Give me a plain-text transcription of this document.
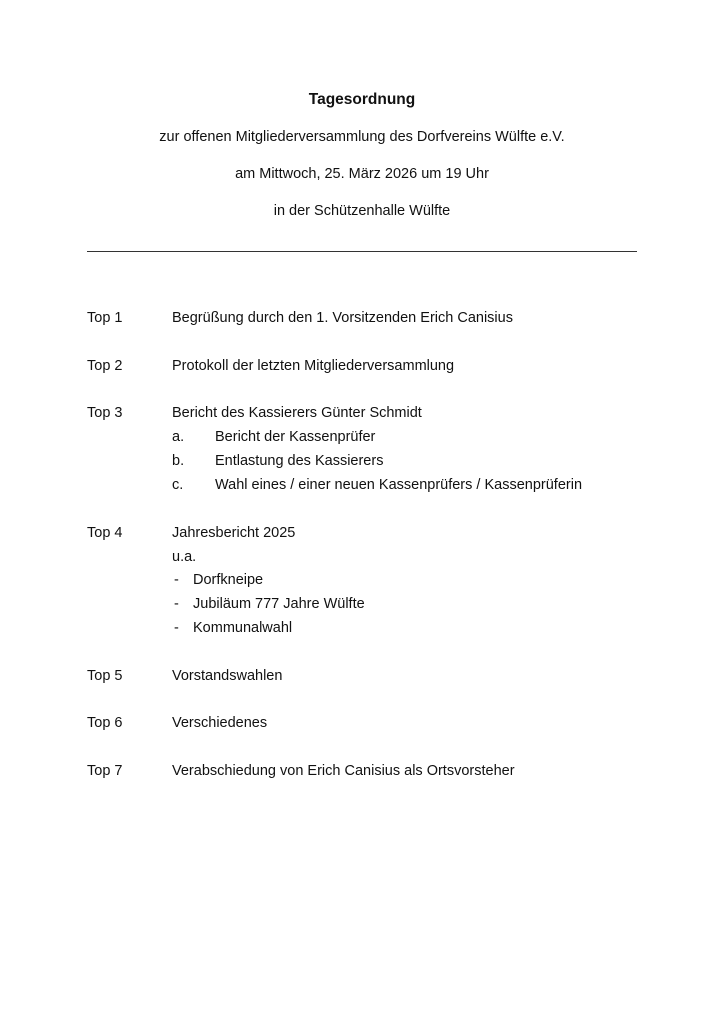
Tagesordnung
zur offenen Mitgliederversammlung des Dorfvereins Wülfte e.V.
am Mittwoch, 25. März 2026 um 19 Uhr
in der Schützenhalle Wülfte
Top 1	Begrüßung durch den 1. Vorsitzenden Erich Canisius
Top 2	Protokoll der letzten Mitgliederversammlung
Top 3	Bericht des Kassierers Günter Schmidt
a. Bericht der Kassenprüfer
b. Entlastung des Kassierers
c. Wahl eines / einer neuen Kassenprüfers / Kassenprüferin
Top 4	Jahresbericht 2025
u.a.
- Dorfkneipe
- Jubiläum 777 Jahre Wülfte
- Kommunalwahl
Top 5	Vorstandswahlen
Top 6	Verschiedenes
Top 7	Verabschiedung von Erich Canisius als Ortsvorsteher
